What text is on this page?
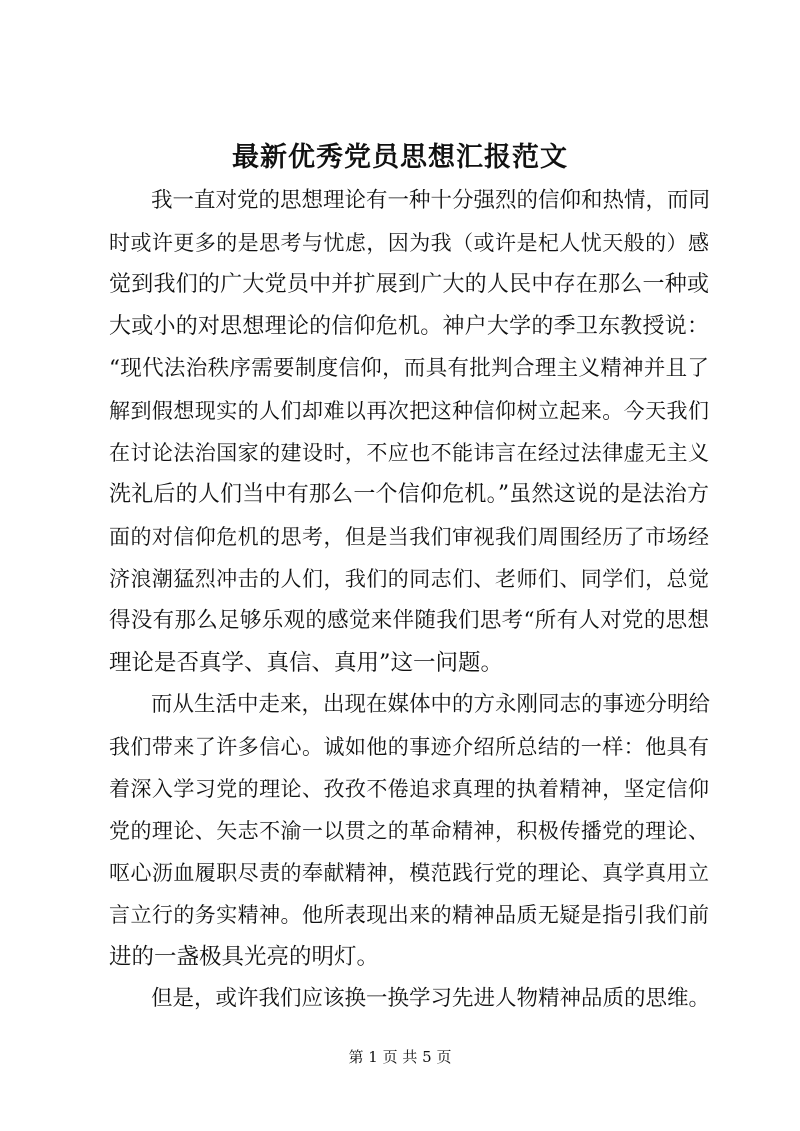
最新优秀党员思想汇报范文

我一直对党的思想理论有一种十分强烈的信仰和热情，而同

时或许更多的是思考与忧虑，因为我（或许是杞人忧天般的）感

觉到我们的广大党员中并扩展到广大的人民中存在那么一种或

大或小的对思想理论的信仰危机。神户大学的季卫东教授说：

“现代法治秩序需要制度信仰，而具有批判合理主义精神并且了

解到假想现实的人们却难以再次把这种信仰树立起来。今天我们

在讨论法治国家的建设时，不应也不能讳言在经过法律虚无主义

洗礼后的人们当中有那么一个信仰危机。”虽然这说的是法治方

面的对信仰危机的思考，但是当我们审视我们周围经历了市场经

济浪潮猛烈冲击的人们，我们的同志们、老师们、同学们，总觉

得没有那么足够乐观的感觉来伴随我们思考“所有人对党的思想

理论是否真学、真信、真用”这一问题。

而从生活中走来，出现在媒体中的方永刚同志的事迹分明给

我们带来了许多信心。诚如他的事迹介绍所总结的一样：他具有

着深入学习党的理论、孜孜不倦追求真理的执着精神，坚定信仰

党的理论、矢志不渝一以贯之的革命精神，积极传播党的理论、

呕心沥血履职尽责的奉献精神，模范践行党的理论、真学真用立

言立行的务实精神。他所表现出来的精神品质无疑是指引我们前

进的一盏极具光亮的明灯。

但是，或许我们应该换一换学习先进人物精神品质的思维。

第 1 页 共 5 页
